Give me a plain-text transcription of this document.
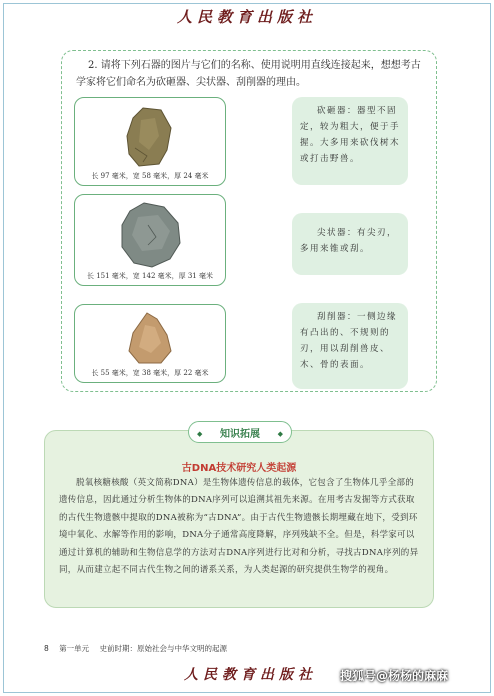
人民教育出版社

2. 请将下列石器的图片与它们的名称、使用说明用直线连接起来，想想考古学家将它们命名为砍砸器、尖状器、刮削器的理由。

长 97 毫米，宽 58 毫米，厚 24 毫米
长 151 毫米，宽 142 毫米，厚 31 毫米
长 55 毫米，宽 38 毫米，厚 22 毫米
砍砸器：器型不固定，较为粗大，便于手握。大多用来砍伐树木或打击野兽。
尖状器：有尖刃，多用来锥或刮。
刮削器：一侧边缘有凸出的、不规则的刃，用以刮削兽皮、木、骨的表面。
◆	知识拓展	◆
古DNA技术研究人类起源

脱氧核糖核酸（英文简称DNA）是生物体遗传信息的载体，它包含了生物体几乎全部的遗传信息，因此通过分析生物体的DNA序列可以追溯其祖先来源。在用考古发掘等方式获取的古代生物遗骸中提取的DNA被称为“古DNA”。由于古代生物遗骸长期埋藏在地下，受到环境中氧化、水解等作用的影响，DNA分子通常高度降解，序列残缺不全。但是，科学家可以通过计算机的辅助和生物信息学的方法对古DNA序列进行比对和分析，寻找古DNA序列的异同，从而建立起不同古代生物之间的谱系关系，为人类起源的研究提供生物学的视角。

8 第一单元 史前时期：原始社会与中华文明的起源
人民教育出版社 搜狐号@杨杨的麻麻
